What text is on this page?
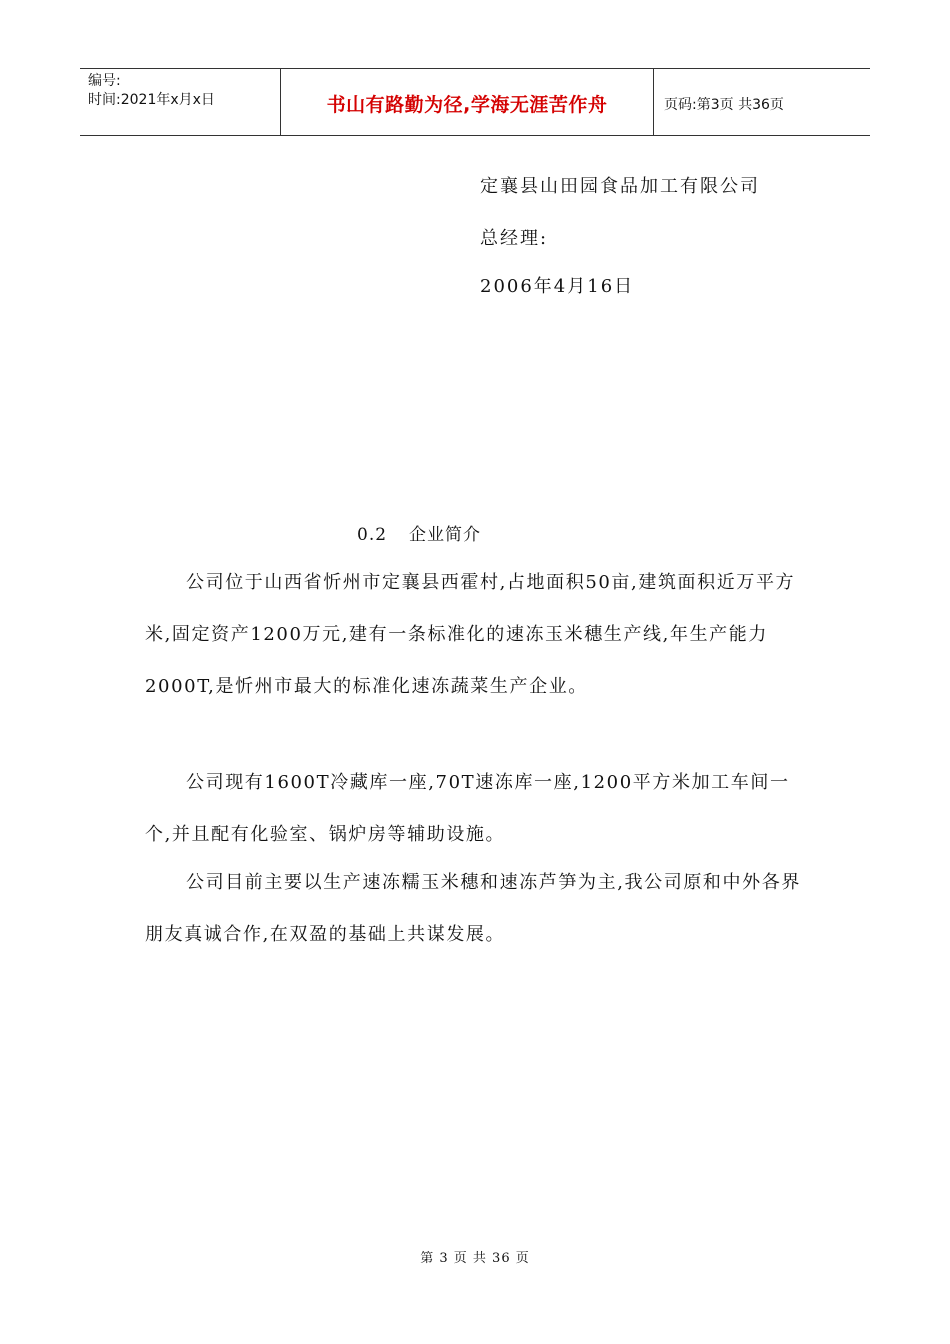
编号:
时间:2021年x月x日	书山有路勤为径,学海无涯苦作舟	页码:第3页 共36页
定襄县山田园食品加工有限公司
总经理:
2006年4月16日
0.2 企业简介

公司位于山西省忻州市定襄县西霍村,占地面积50亩,建筑面积近万平方米,固定资产1200万元,建有一条标准化的速冻玉米穗生产线,年生产能力2000T,是忻州市最大的标准化速冻蔬菜生产企业。

公司现有1600T冷藏库一座,70T速冻库一座,1200平方米加工车间一个,并且配有化验室、锅炉房等辅助设施。

公司目前主要以生产速冻糯玉米穗和速冻芦笋为主,我公司原和中外各界朋友真诚合作,在双盈的基础上共谋发展。

第 3 页 共 36 页
